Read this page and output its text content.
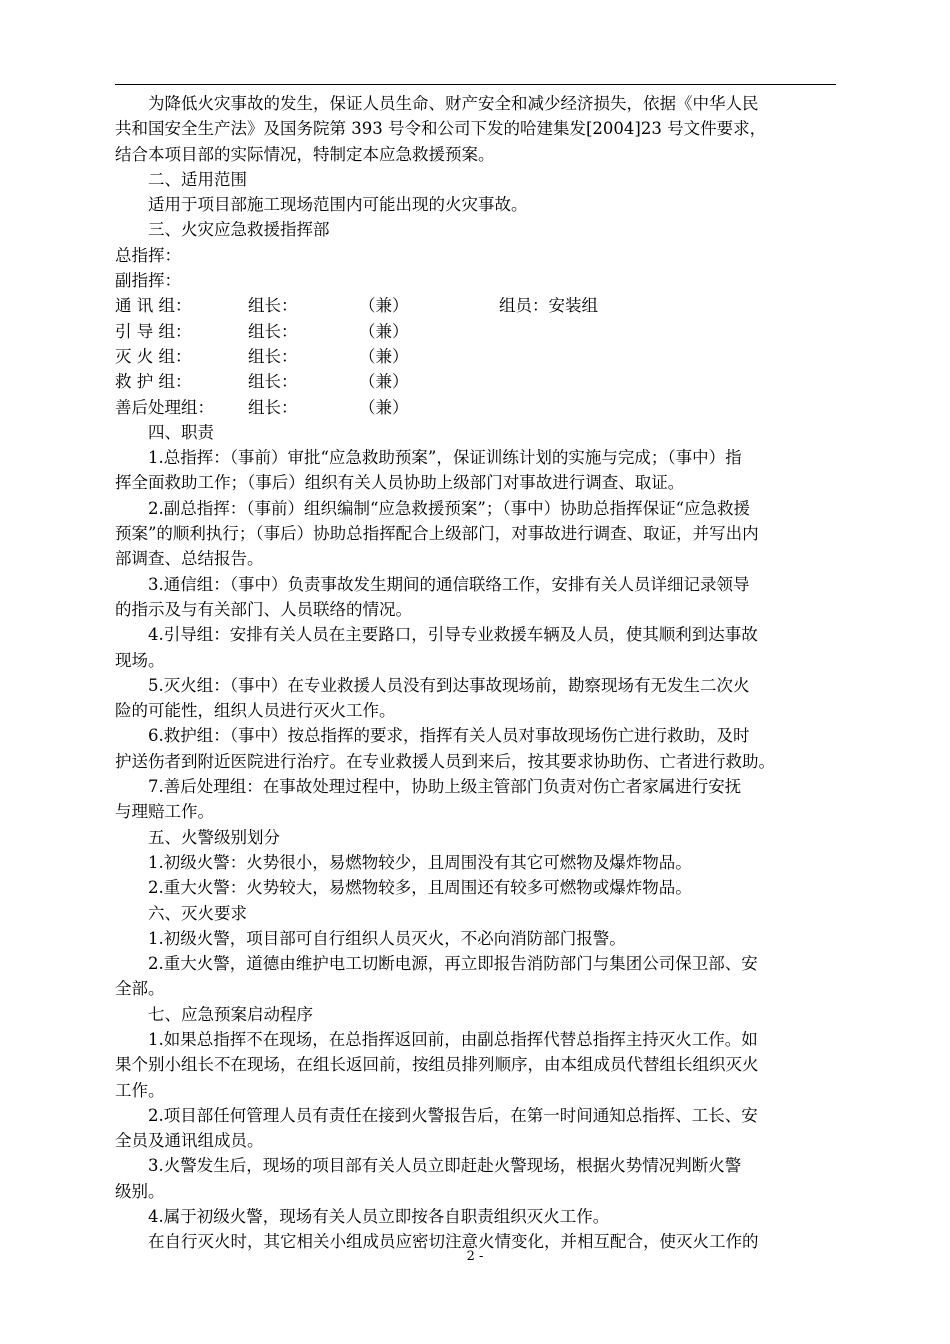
为降低火灾事故的发生，保证人员生命、财产安全和减少经济损失，依据《中华人民
共和国安全生产法》及国务院第 393 号令和公司下发的哈建集发[2004]23 号文件要求，
结合本项目部的实际情况，特制定本应急救援预案。
二、适用范围
适用于项目部施工现场范围内可能出现的火灾事故。
三、火灾应急救援指挥部
总指挥：
副指挥：
通 讯 组：	组长：	（兼）	组员：安装组
引 导 组：	组长：	（兼）
灭 火 组：	组长：	（兼）
救 护 组：	组长：	（兼）
善后处理组： 组长：	（兼）
四、职责
1.总指挥：（事前）审批“应急救助预案”，保证训练计划的实施与完成；（事中）指
挥全面救助工作；（事后）组织有关人员协助上级部门对事故进行调查、取证。
2.副总指挥：（事前）组织编制“应急救援预案”；（事中）协助总指挥保证“应急救援
预案”的顺利执行；（事后）协助总指挥配合上级部门，对事故进行调查、取证，并写出内
部调查、总结报告。
3.通信组：（事中）负责事故发生期间的通信联络工作，安排有关人员详细记录领导
的指示及与有关部门、人员联络的情况。
4.引导组：安排有关人员在主要路口，引导专业救援车辆及人员，使其顺利到达事故
现场。
5.灭火组：（事中）在专业救援人员没有到达事故现场前，勘察现场有无发生二次火
险的可能性，组织人员进行灭火工作。
6.救护组：（事中）按总指挥的要求，指挥有关人员对事故现场伤亡进行救助，及时
护送伤者到附近医院进行治疗。在专业救援人员到来后，按其要求协助伤、亡者进行救助。
7.善后处理组：在事故处理过程中，协助上级主管部门负责对伤亡者家属进行安抚
与理赔工作。
五、火警级别划分
1.初级火警：火势很小，易燃物较少，且周围没有其它可燃物及爆炸物品。
2.重大火警：火势较大，易燃物较多，且周围还有较多可燃物或爆炸物品。
六、灭火要求
1.初级火警，项目部可自行组织人员灭火，不必向消防部门报警。
2.重大火警，道德由维护电工切断电源，再立即报告消防部门与集团公司保卫部、安
全部。
七、应急预案启动程序
1.如果总指挥不在现场，在总指挥返回前，由副总指挥代替总指挥主持灭火工作。如
果个别小组长不在现场，在组长返回前，按组员排列顺序，由本组成员代替组长组织灭火
工作。
2.项目部任何管理人员有责任在接到火警报告后，在第一时间通知总指挥、工长、安
全员及通讯组成员。
3.火警发生后，现场的项目部有关人员立即赶赴火警现场，根据火势情况判断火警
级别。
4.属于初级火警，现场有关人员立即按各自职责组织灭火工作。
在自行灭火时，其它相关小组成员应密切注意火情变化，并相互配合，使灭火工作的
2 -
